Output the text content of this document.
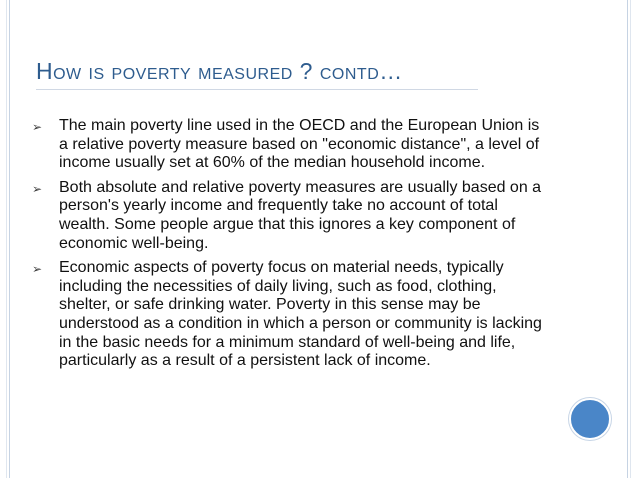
How is poverty measured ? contd…
➢ The main poverty line used in the OECD and the European Union is a relative poverty measure based on "economic distance", a level of income usually set at 60% of the median household income.
➢ Both absolute and relative poverty measures are usually based on a person's yearly income and frequently take no account of total wealth. Some people argue that this ignores a key component of economic well-being.
➢ Economic aspects of poverty focus on material needs, typically including the necessities of daily living, such as food, clothing, shelter, or safe drinking water. Poverty in this sense may be understood as a condition in which a person or community is lacking in the basic needs for a minimum standard of well-being and life, particularly as a result of a persistent lack of income.
